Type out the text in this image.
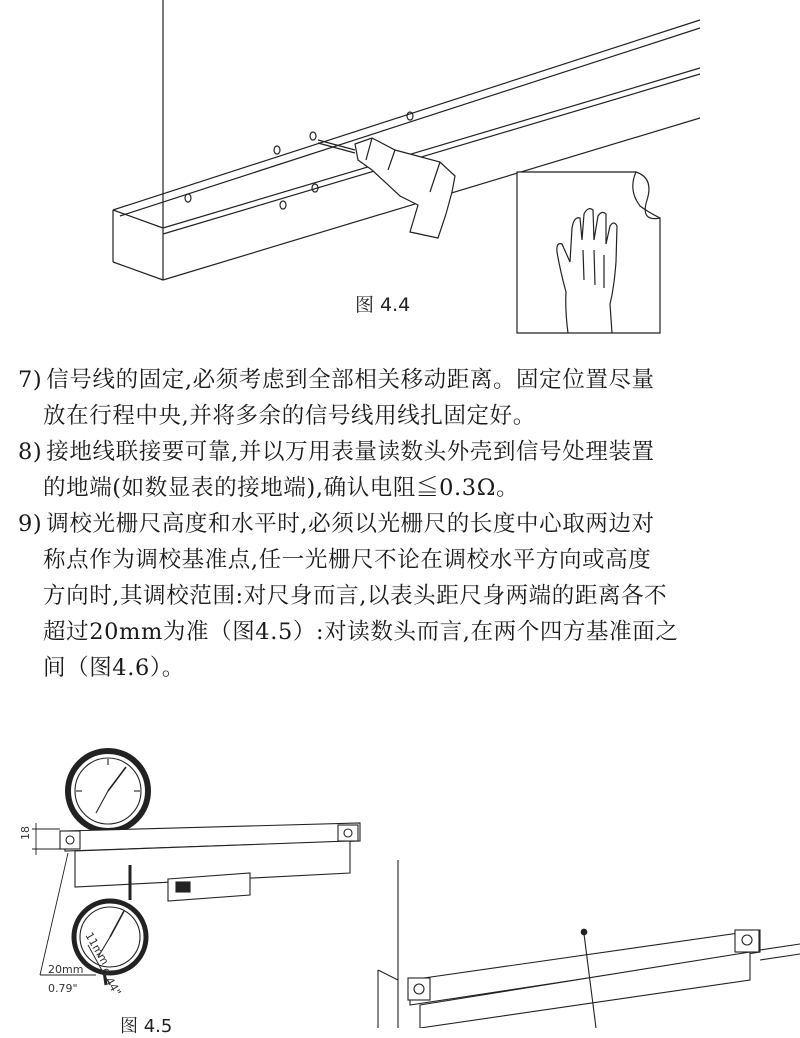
图 4.4
7) 信号线的固定,必须考虑到全部相关移动距离。固定位置尽量
放在行程中央,并将多余的信号线用线扎固定好。
8) 接地线联接要可靠,并以万用表量读数头外壳到信号处理装置
的地端(如数显表的接地端),确认电阻≦0.3Ω。
9) 调校光栅尺高度和水平时,必须以光栅尺的长度中心取两边对
称点作为调校基准点,任一光栅尺不论在调校水平方向或高度
方向时,其调校范围:对尺身而言,以表头距尺身两端的距离各不
超过20mm为准（图4.5）:对读数头而言,在两个四方基准面之
间（图4.6）。
18
20mm
0.79"
11mm
0.44"
图 4.5
